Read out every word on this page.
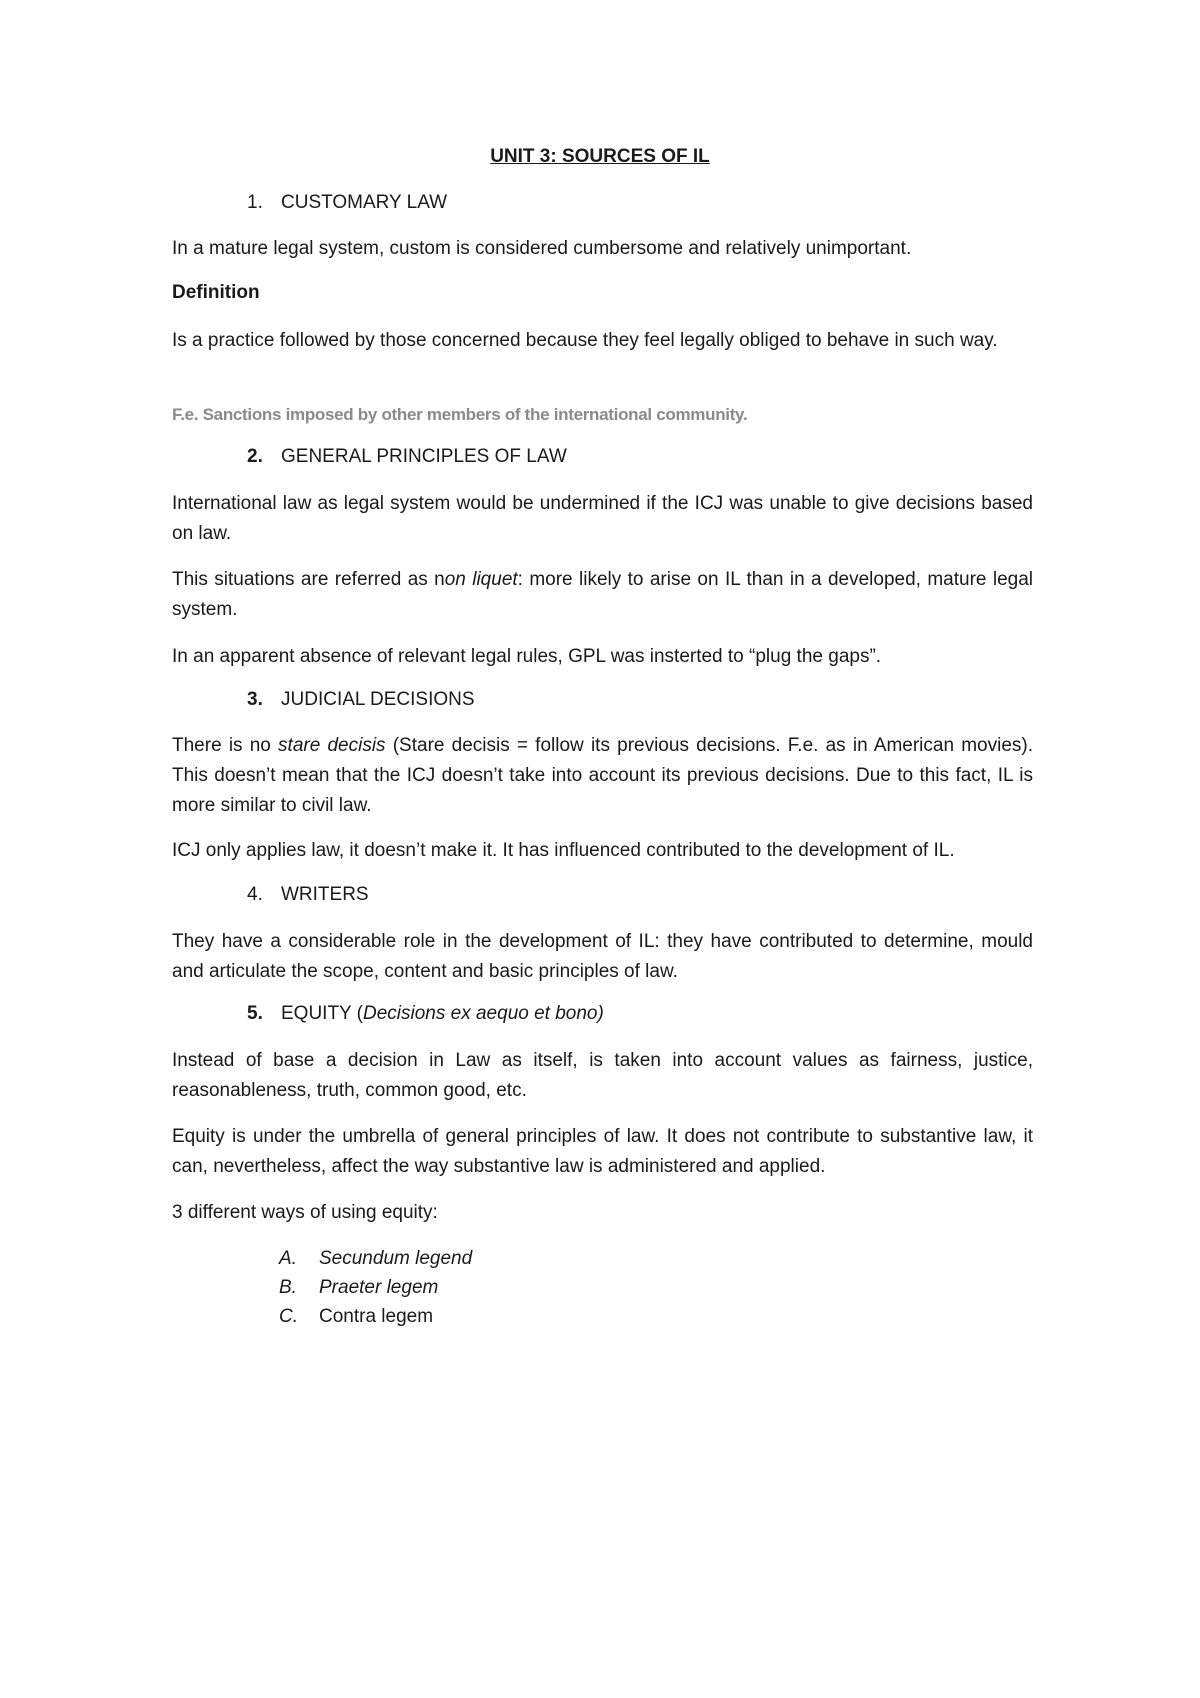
UNIT 3: SOURCES OF IL
1. CUSTOMARY LAW
In a mature legal system, custom is considered cumbersome and relatively unimportant.
Definition
Is a practice followed by those concerned because they feel legally obliged to behave in such way.
F.e. Sanctions imposed by other members of the international community.
2. GENERAL PRINCIPLES OF LAW
International law as legal system would be undermined if the ICJ was unable to give decisions based on law.
This situations are referred as non liquet: more likely to arise on IL than in a developed, mature legal system.
In an apparent absence of relevant legal rules, GPL was insterted to “plug the gaps”.
3. JUDICIAL DECISIONS
There is no stare decisis (Stare decisis = follow its previous decisions. F.e. as in American movies). This doesn’t mean that the ICJ doesn’t take into account its previous decisions. Due to this fact, IL is more similar to civil law.
ICJ only applies law, it doesn’t make it. It has influenced contributed to the development of IL.
4. WRITERS
They have a considerable role in the development of IL: they have contributed to determine, mould and articulate the scope, content and basic principles of law.
5. EQUITY (Decisions ex aequo et bono)
Instead of base a decision in Law as itself, is taken into account values as fairness, justice, reasonableness, truth, common good, etc.
Equity is under the umbrella of general principles of law. It does not contribute to substantive law, it can, nevertheless, affect the way substantive law is administered and applied.
3 different ways of using equity:
A. Secundum legend
B. Praeter legem
C. Contra legem
